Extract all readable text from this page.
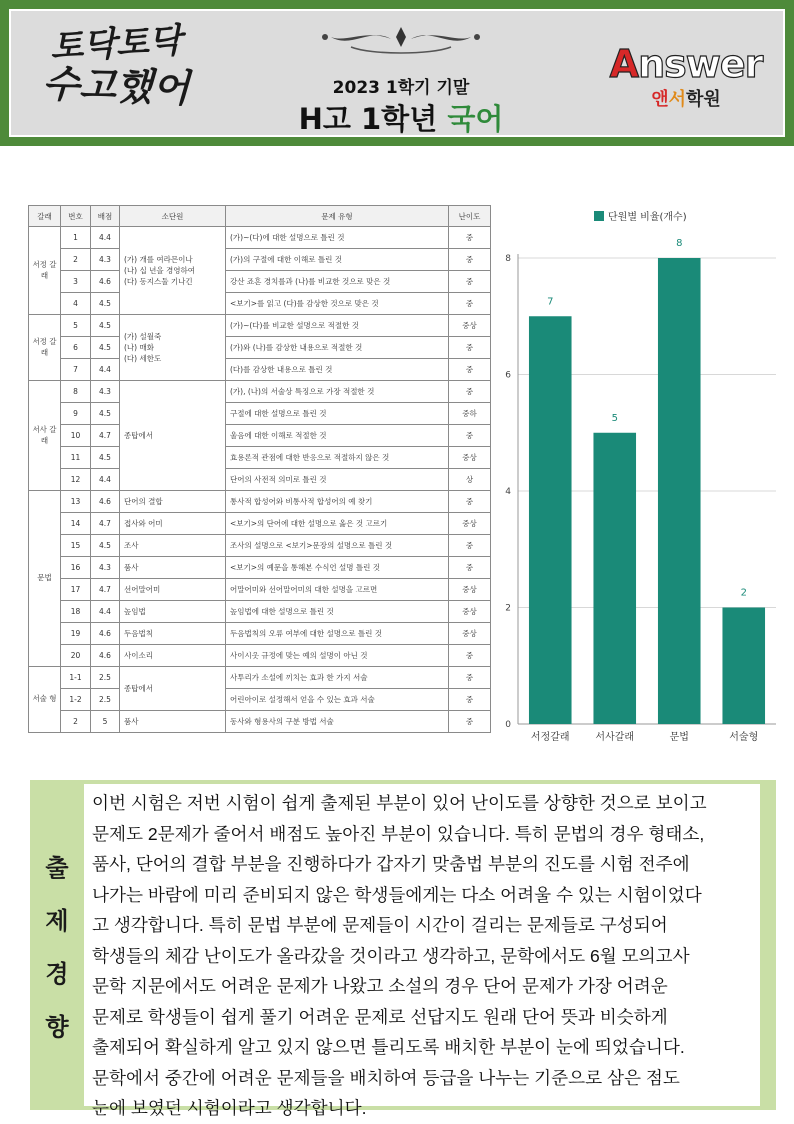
토닥토닥
수고했어	2023 1학기 기말
H고 1학년 국어
Answer
앤서학원
갈래	번호	배점	소단원	문제 유형	난이도
서정 갈래	1	4.4	(가) 개를 여라믄이나
(나) 십 년을 경영하여
(다) 동지스둘 기나긴	(가)~(다)에 대한 설명으로 틀린 것	중
	2	4.3		(가)의 구절에 대한 이해로 틀린 것	중
	3	4.6		강산 죠흔 경치를과 (나)를 비교한 것으로 맞은 것	중
	4	4.5		<보기>를 읽고 (다)를 감상한 것으로 맞은 것	중
서정 갈래	5	4.5	(가) 설월죽
(나) 매화
(다) 세한도	(가)~(다)를 비교한 설명으로 적절한 것	중상
	6	4.5		(가)와 (나)를 감상한 내용으로 적절한 것	중
	7	4.4		(다)를 감상한 내용으로 틀린 것	중
서사 갈래	8	4.3	종탑에서	(가), (나)의 서술상 특징으로 가장 적절한 것	중
	9	4.5		구절에 대한 설명으로 틀린 것	중하
	10	4.7		울음에 대한 이해로 적절한 것	중
	11	4.5		효용론적 관점에 대한 반응으로 적절하지 않은 것	중상
	12	4.4		단어의 사전적 의미로 틀린 것	상
문법	13	4.6	단어의 결합	통사적 합성어와 비통사적 합성어의 예 찾기	중
	14	4.7	접사와 어미	<보기>의 단어에 대한 설명으로 옳은 것 고르기	중상
	15	4.5	조사	조사의 설명으로 <보기>문장의 설명으로 틀린 것	중
	16	4.3	품사	<보기>의 예문을 통해본 수식언 설명 틀린 것	중
	17	4.7	선어말어미	어말어미와 선어말어미의 대한 설명을 고르면	중상
	18	4.4	높임법	높임법에 대한 설명으로 틀린 것	중상
	19	4.6	두음법칙	두음법칙의 오류 여부에 대한 설명으로 틀린 것	중상
	20	4.6	사이소리	사이시옷 규정에 맞는 예의 설명이 아닌 것	중
서술 형	1-1	2.5	종탑에서	사투리가 소설에 끼치는 효과 한 가지 서술	중
	1-2	2.5		어린아이로 설정해서 얻을 수 있는 효과 서술	중
	2	5	품사	동사와 형용사의 구분 방법 서술	중
단원별 비율(개수)
0
2
4
6
8
7
서정갈래
5
서사갈래
8
문법
2
서술형
출
제
경
향
이번 시험은 저번 시험이 쉽게 출제된 부분이 있어 난이도를 상향한 것으로 보이고
문제도 2문제가 줄어서 배점도 높아진 부분이 있습니다. 특히 문법의 경우 형태소,
품사, 단어의 결합 부분을 진행하다가 갑자기 맞춤법 부분의 진도를 시험 전주에
나가는 바람에 미리 준비되지 않은 학생들에게는 다소 어려울 수 있는 시험이었다
고 생각합니다. 특히 문법 부분에 문제들이 시간이 걸리는 문제들로 구성되어
학생들의 체감 난이도가 올라갔을 것이라고 생각하고, 문학에서도 6월 모의고사
문학 지문에서도 어려운 문제가 나왔고 소설의 경우 단어 문제가 가장 어려운
문제로 학생들이 쉽게 풀기 어려운 문제로 선답지도 원래 단어 뜻과 비슷하게
출제되어 확실하게 알고 있지 않으면 틀리도록 배치한 부분이 눈에 띄었습니다.
문학에서 중간에 어려운 문제들을 배치하여 등급을 나누는 기준으로 삼은 점도
눈에 보였던 시험이라고 생각합니다.
